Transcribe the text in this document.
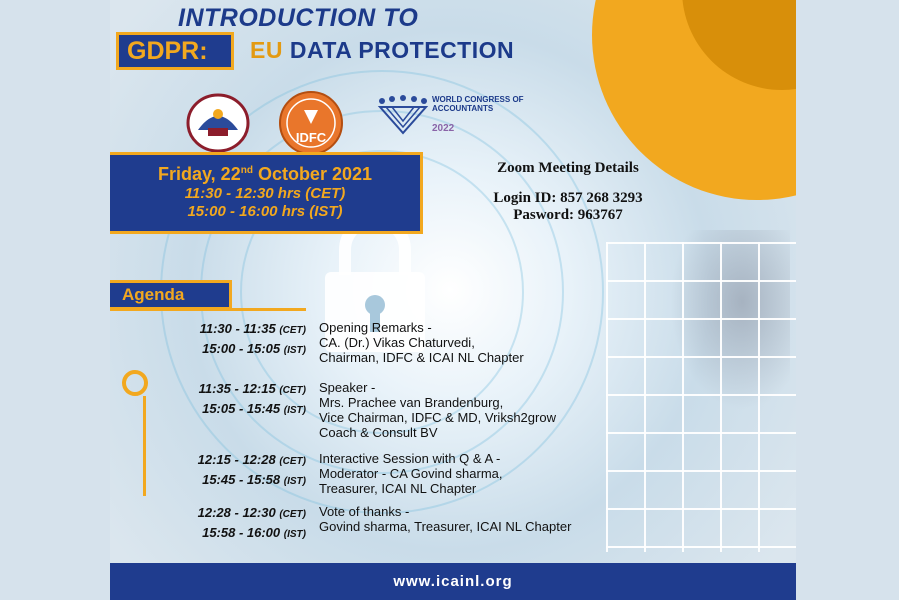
INTRODUCTION TO
GDPR:	EU DATA PROTECTION
IDFC
WORLD CONGRESS OF ACCOUNTANTS
2022
Friday, 22nd October 2021
11:30 - 12:30 hrs (CET)
15:00 - 16:00 hrs (IST)
Zoom Meeting Details
Login ID: 857 268 3293
Pasword: 963767
Agenda
11:30 - 11:35 (CET)
15:00 - 15:05 (IST)
Opening Remarks -
CA. (Dr.) Vikas Chaturvedi,
Chairman, IDFC & ICAI NL Chapter
11:35 - 12:15 (CET)
15:05 - 15:45 (IST)
Speaker -
Mrs. Prachee van Brandenburg,
Vice Chairman, IDFC & MD, Vriksh2grow
Coach & Consult BV
12:15 - 12:28 (CET)
15:45 - 15:58 (IST)
Interactive Session with Q & A -
Moderator - CA Govind sharma,
Treasurer, ICAI NL Chapter
12:28 - 12:30 (CET)
15:58 - 16:00 (IST)
Vote of thanks -
Govind sharma, Treasurer, ICAI NL Chapter
www.icainl.org
